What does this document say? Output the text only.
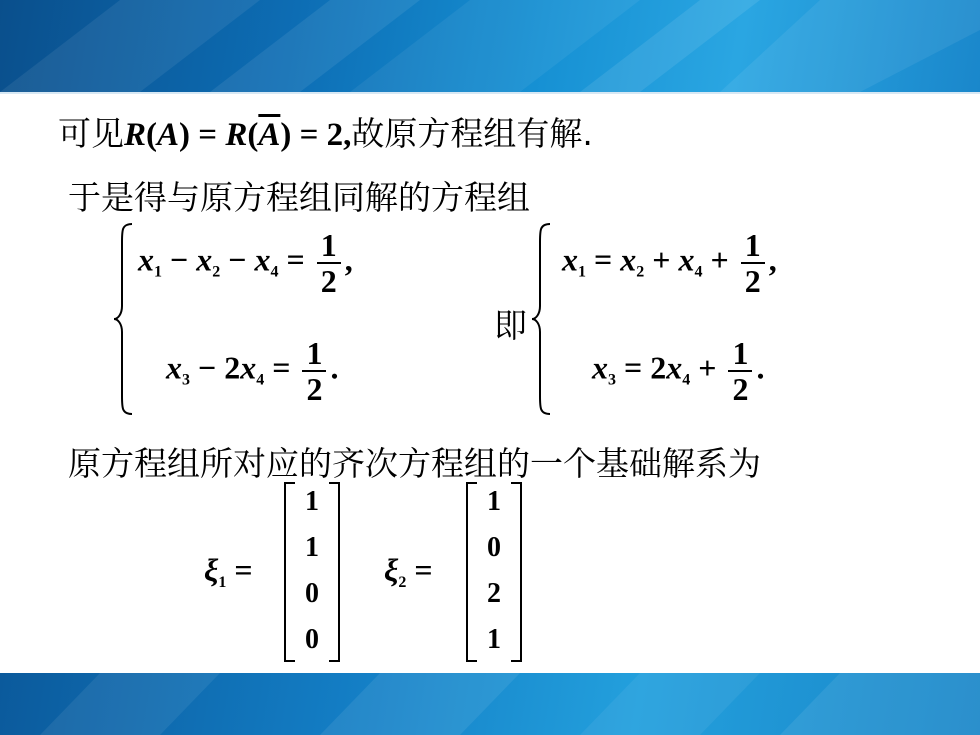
可见$R(A) = R(\overline{A}) = 2$,故原方程组有解.
于是得与原方程组同解的方程组
$x_1 - x_2 - x_4 = \frac{1}{2}$ ,
$x_3 - 2x_4 = \frac{1}{2}$ .
即
$x_1 = x_2 + x_4 + \frac{1}{2}$ ,
$x_3 = 2x_4 + \frac{1}{2}$ .
原方程组所对应的齐次方程组的一个基础解系为
$\xi_1$ =
1
1
0
0
$\xi_2$ =
1
0
2
1
